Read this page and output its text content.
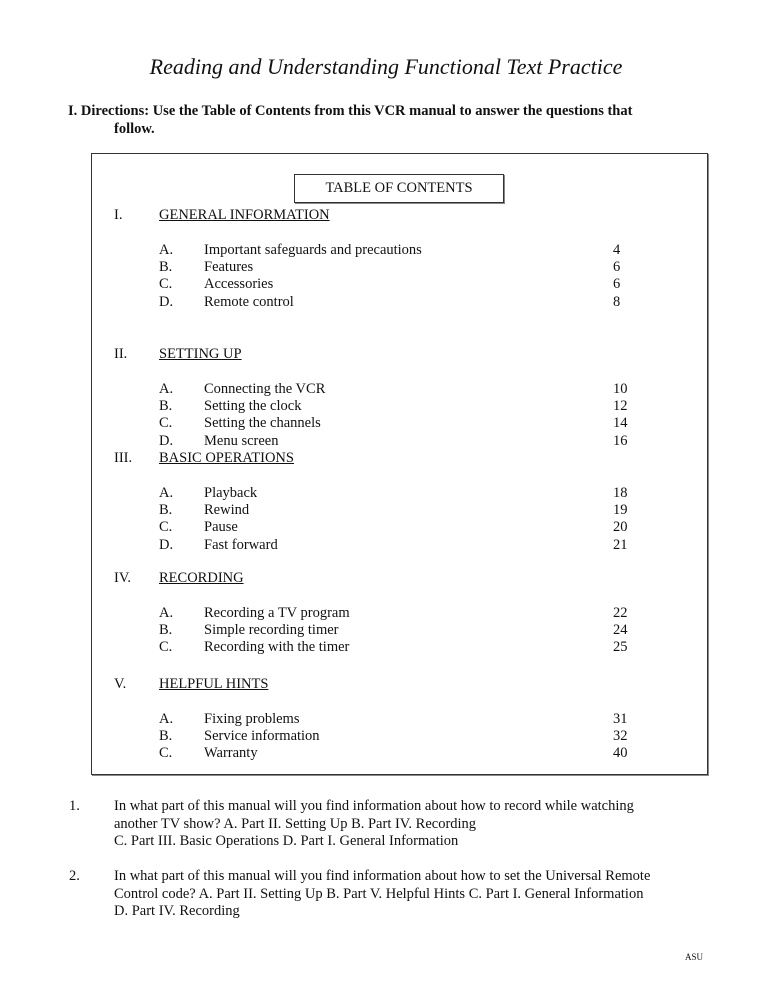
Reading and Understanding Functional Text Practice
I. Directions: Use the Table of Contents from this VCR manual to answer the questions that
follow.
TABLE OF CONTENTS
I.	GENERAL INFORMATION
A. Important safeguards and precautions	4
B. Features	6
C. Accessories	6
D. Remote control	8
II. SETTING UP
A. Connecting the VCR	10
B. Setting the clock	12
C. Setting the channels	14
D. Menu screen	16
III. BASIC OPERATIONS
A. Playback	18
B. Rewind	19
C. Pause	20
D. Fast forward	21
IV. RECORDING
A. Recording a TV program	22
B. Simple recording timer	24
C. Recording with the timer	25
V. HELPFUL HINTS
A. Fixing problems	31
B. Service information	32
C. Warranty	40
1. In what part of this manual will you find information about how to record while watching
another TV show? A. Part II. Setting Up B. Part IV. Recording
C. Part III. Basic Operations D. Part I. General Information
2. In what part of this manual will you find information about how to set the Universal Remote
Control code? A. Part II. Setting Up B. Part V. Helpful Hints C. Part I. General Information
D. Part IV. Recording
ASU
